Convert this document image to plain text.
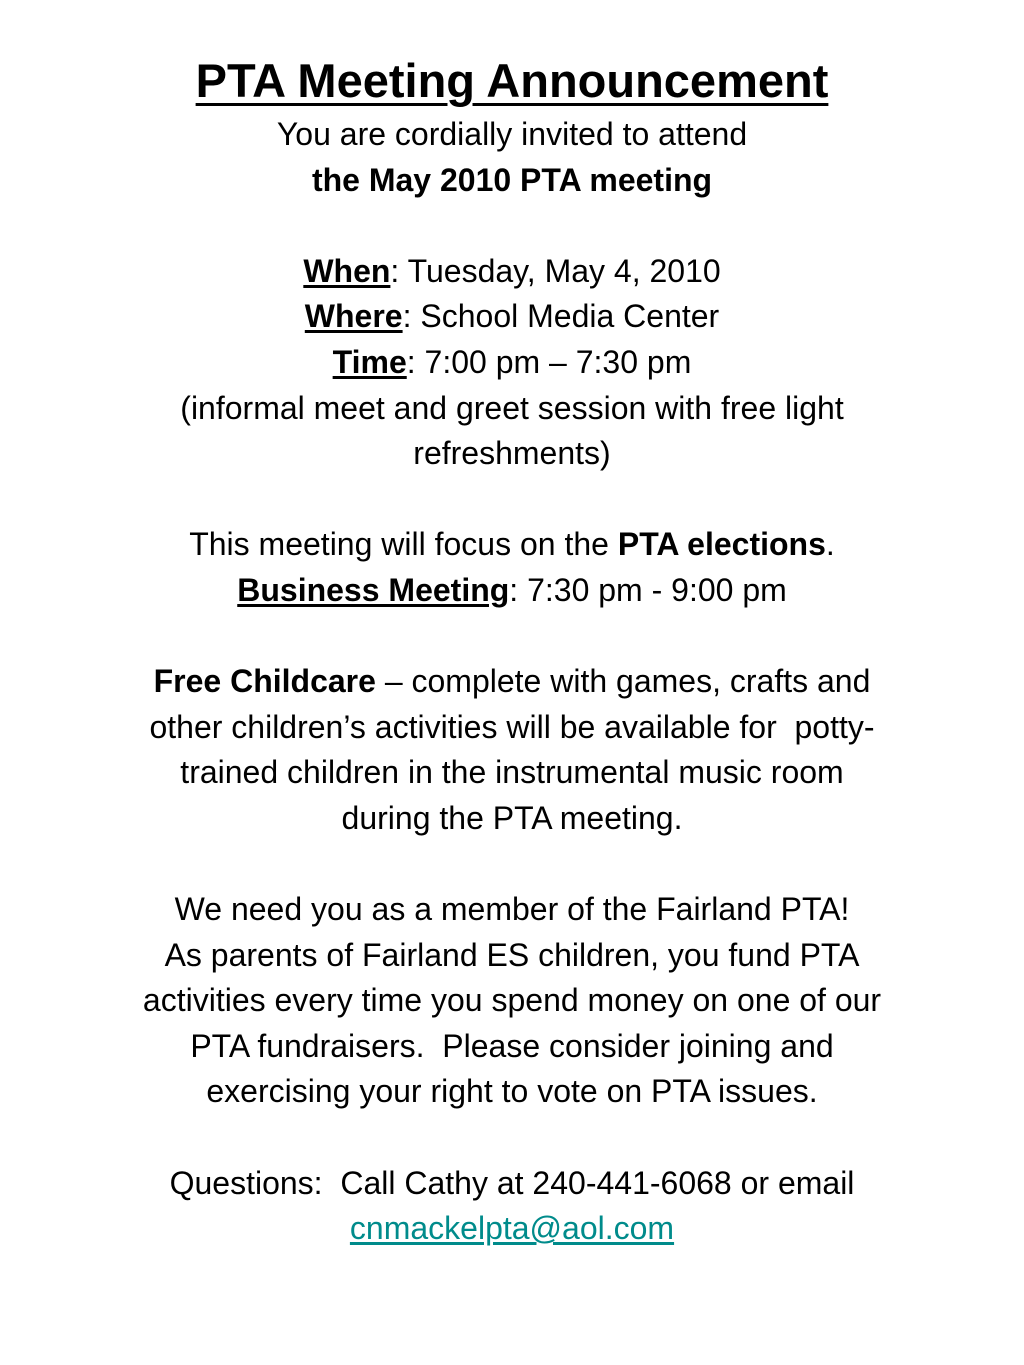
PTA Meeting Announcement
You are cordially invited to attend
the May 2010 PTA meeting
When: Tuesday, May 4, 2010
Where: School Media Center
Time: 7:00 pm – 7:30 pm
(informal meet and greet session with free light
refreshments)
This meeting will focus on the PTA elections.
Business Meeting: 7:30 pm - 9:00 pm
Free Childcare – complete with games, crafts and
other children’s activities will be available for  potty-
trained children in the instrumental music room
during the PTA meeting.
We need you as a member of the Fairland PTA!
As parents of Fairland ES children, you fund PTA
activities every time you spend money on one of our
PTA fundraisers.  Please consider joining and
exercising your right to vote on PTA issues.
Questions:  Call Cathy at 240-441-6068 or email
cnmackelpta@aol.com
